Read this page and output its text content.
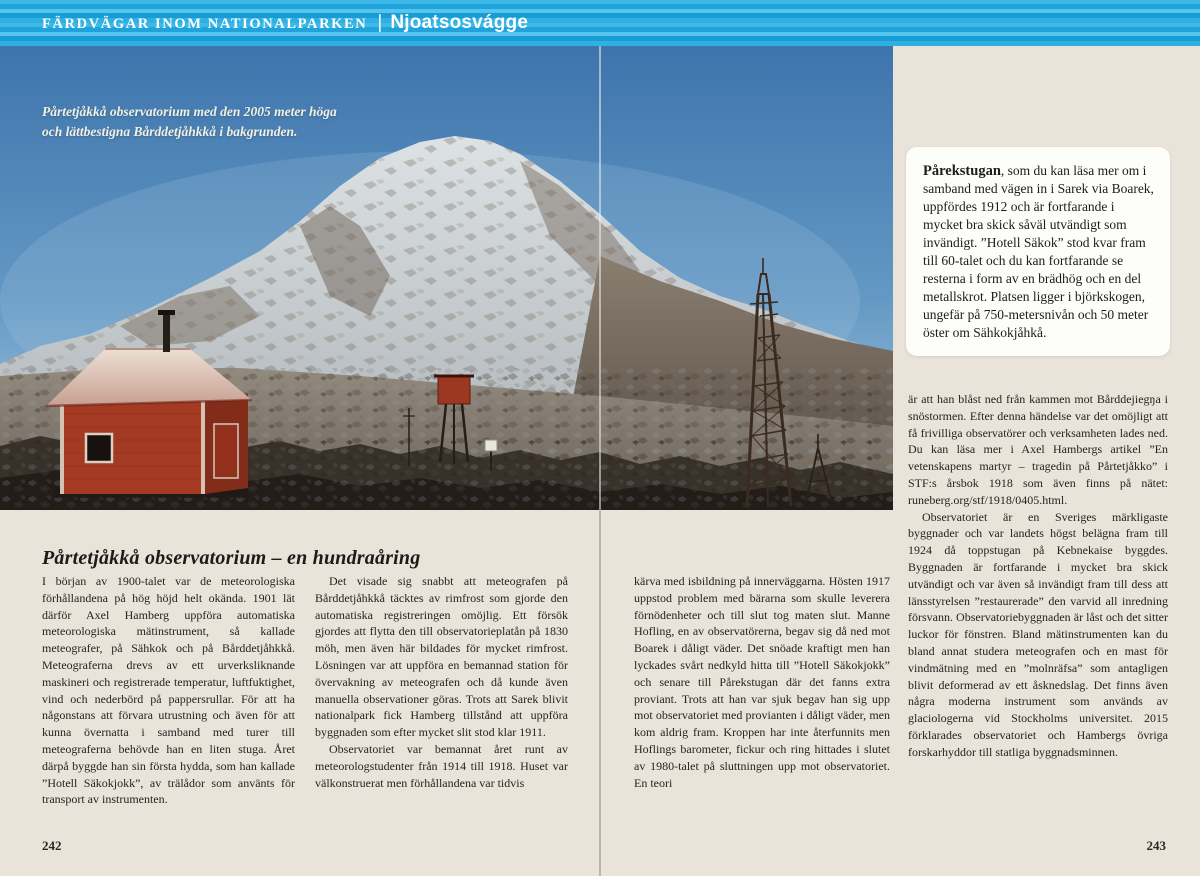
FÄRDVÄGAR INOM NATIONALPARKEN | Njoatsosvágge
Pårtetjåkkå observatorium med den 2005 meter höga
och lättbestigna Bårddetjåhkkå i bakgrunden.

Pårekstugan, som du kan läsa mer om i samband med vägen in i Sarek via Boarek, uppfördes 1912 och är fortfarande i mycket bra skick såväl utvändigt som invändigt. ”Hotell Säkok” stod kvar fram till 60-talet och du kan fortfarande se resterna i form av en brädhög och en del metallskrot. Platsen ligger i björkskogen, ungefär på 750-metersnivån och 50 meter öster om Sähkokjåhkå.

Pårtetjåkkå observatorium – en hundraåring

I början av 1900-talet var de meteorologiska förhållandena på hög höjd helt okända. 1901 lät därför Axel Hamberg uppföra automatiska meteorologiska mätinstrument, så kallade meteografer, på Sähkok och på Bårddetjåhkkå. Meteograferna drevs av ett urverksliknande maskineri och registrerade temperatur, luftfuktighet, vind och nederbörd på pappersrullar. För att ha någonstans att förvara utrustning och även för att kunna övernatta i samband med turer till meteograferna behövde han en liten stuga. Året därpå byggde han sin första hydda, som han kallade ”Hotell Säkokjokk”, av trälådor som använts för transport av instrumenten.

Det visade sig snabbt att meteografen på Bårddetjåhkkå täcktes av rimfrost som gjorde den automatiska registreringen omöjlig. Ett försök gjordes att flytta den till observatorieplatån på 1830 möh, men även här bildades för mycket rimfrost. Lösningen var att uppföra en bemannad station för övervakning av meteografen och då kunde även manuella observationer göras. Trots att Sarek blivit nationalpark fick Hamberg tillstånd att uppföra byggnaden som efter mycket slit stod klar 1911.

Observatoriet var bemannat året runt av meteorologstudenter från 1914 till 1918. Huset var välkonstruerat men förhållandena var tidvis

kärva med isbildning på innerväggarna. Hösten 1917 uppstod problem med bärarna som skulle leverera förnödenheter och till slut tog maten slut. Manne Hofling, en av observatörerna, begav sig då ned mot Boarek i dåligt väder. Det snöade kraftigt men han lyckades svårt nedkyld hitta till ”Hotell Säkokjokk” och senare till Pårekstugan där det fanns extra proviant. Trots att han var sjuk begav han sig upp mot observatoriet med provianten i dåligt väder, men kom aldrig fram. Kroppen har inte återfunnits men Hoflings barometer, fickur och ring hittades i slutet av 1980-talet på sluttningen upp mot observatoriet. En teori

är att han blåst ned från kammen mot Bårddejiegŋa i snöstormen. Efter denna händelse var det omöjligt att få frivilliga observatörer och verksamheten lades ned. Du kan läsa mer i Axel Hambergs artikel ”En vetenskapens martyr – tragedin på Pårtetjåkko” i STF:s årsbok 1918 som även finns på nätet: runeberg.org/stf/1918/0405.html.

Observatoriet är en Sveriges märkligaste byggnader och var landets högst belägna fram till 1924 då toppstugan på Kebnekaise byggdes. Byggnaden är fortfarande i mycket bra skick utvändigt och var även så invändigt fram till dess att länsstyrelsen ”restaurerade” den varvid all inredning försvann. Observatoriebyggnaden är låst och det sitter luckor för fönstren. Bland mätinstrumenten kan du bland annat studera meteografen och en mast för vindmätning med en ”molnräfsa” som antagligen blivit deformerad av ett åsknedslag. Det finns även några moderna instrument som används av glaciologerna vid Stockholms universitet. 2015 förklarades observatoriet och Hambergs övriga forskarhyddor till statliga byggnadsminnen.

242	243
